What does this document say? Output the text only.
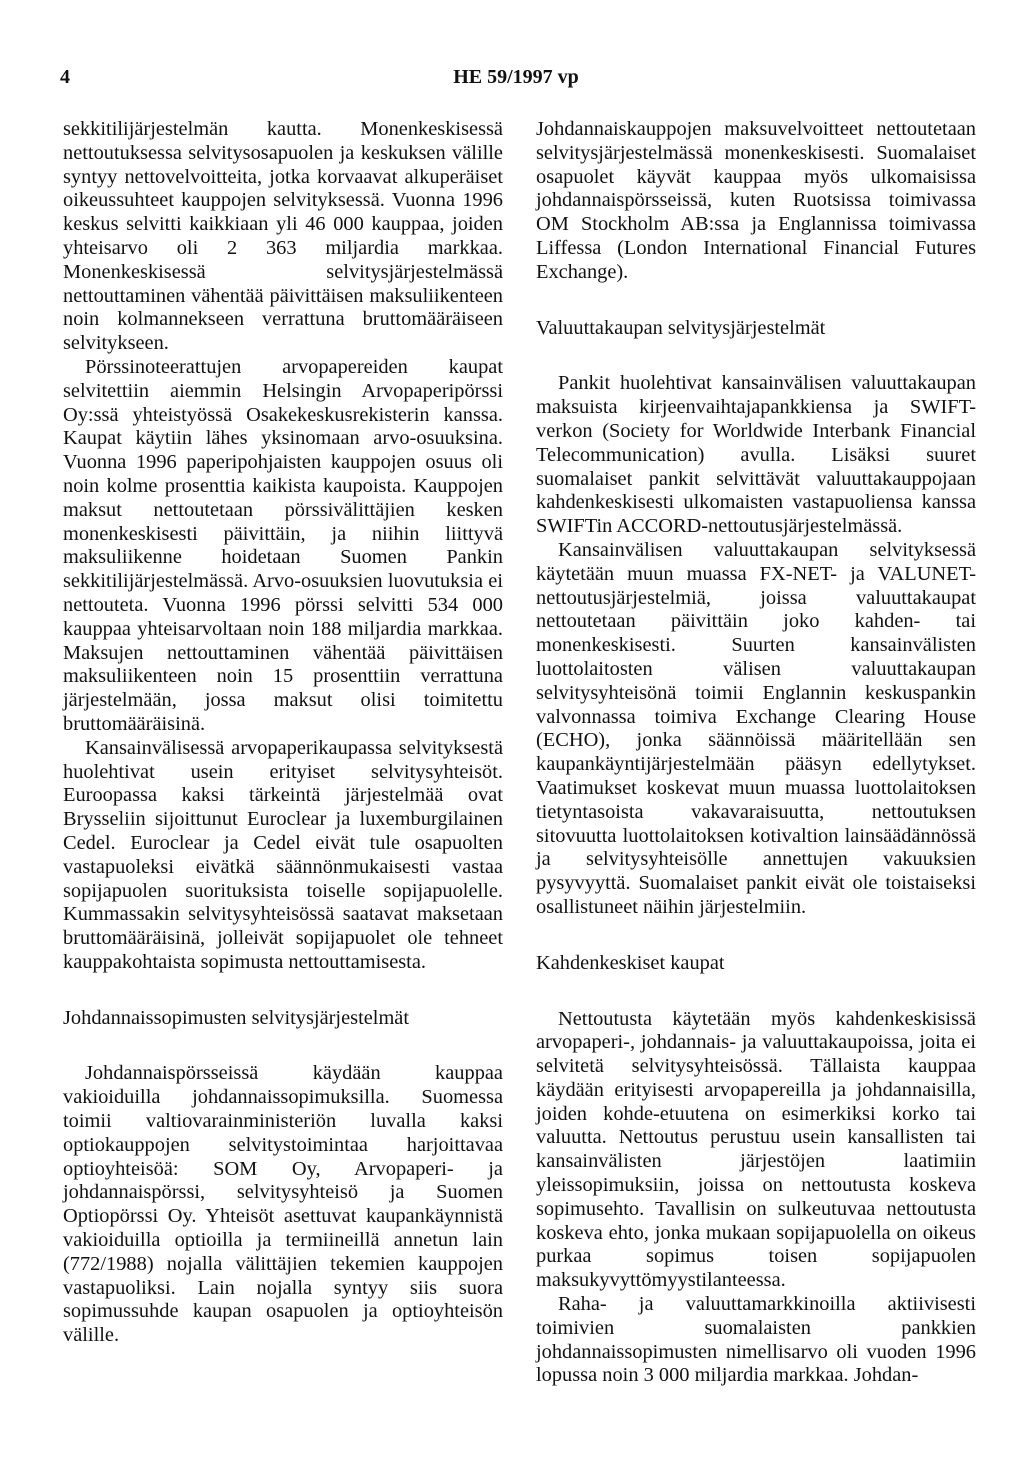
4	HE 59/1997 vp

sekkitilijärjestelmän kautta. Monenkeskisessä nettoutuksessa selvitysosapuolen ja keskuksen välille syntyy nettovelvoitteita, jotka korvaavat alkuperäiset oikeussuhteet kauppojen selvityksessä. Vuonna 1996 keskus selvitti kaikkiaan yli 46 000 kauppaa, joiden yhteisarvo oli 2 363 miljardia markkaa. Monenkeskisessä selvitysjärjestelmässä nettouttaminen vähentää päivittäisen maksuliikenteen noin kolmannekseen verrattuna bruttomääräiseen selvitykseen.

Pörssinoteerattujen arvopapereiden kaupat selvitettiin aiemmin Helsingin Arvopaperipörssi Oy:ssä yhteistyössä Osakekeskusrekisterin kanssa. Kaupat käytiin lähes yksinomaan arvo-osuuksina. Vuonna 1996 paperipohjaisten kauppojen osuus oli noin kolme prosenttia kaikista kaupoista. Kauppojen maksut nettoutetaan pörssivälittäjien kesken monenkeskisesti päivittäin, ja niihin liittyvä maksuliikenne hoidetaan Suomen Pankin sekkitilijärjestelmässä. Arvo-osuuksien luovutuksia ei nettouteta. Vuonna 1996 pörssi selvitti 534 000 kauppaa yhteisarvoltaan noin 188 miljardia markkaa. Maksujen nettouttaminen vähentää päivittäisen maksuliikenteen noin 15 prosenttiin verrattuna järjestelmään, jossa maksut olisi toimitettu bruttomääräisinä.

Kansainvälisessä arvopaperikaupassa selvityksestä huolehtivat usein erityiset selvitysyhteisöt. Euroopassa kaksi tärkeintä järjestelmää ovat Brysseliin sijoittunut Euroclear ja luxemburgilainen Cedel. Euroclear ja Cedel eivät tule osapuolten vastapuoleksi eivätkä säännönmukaisesti vastaa sopijapuolen suorituksista toiselle sopijapuolelle. Kummassakin selvitysyhteisössä saatavat maksetaan bruttomääräisinä, jolleivät sopijapuolet ole tehneet kauppakohtaista sopimusta nettouttamisesta.

Johdannaissopimusten selvitysjärjestelmät

Johdannaispörsseissä käydään kauppaa vakioiduilla johdannaissopimuksilla. Suomessa toimii valtiovarainministeriön luvalla kaksi optiokauppojen selvitystoimintaa harjoittavaa optioyhteisöä: SOM Oy, Arvopaperi- ja johdannaispörssi, selvitysyhteisö ja Suomen Optiopörssi Oy. Yhteisöt asettuvat kaupankäynnistä vakioiduilla optioilla ja termiineillä annetun lain (772/1988) nojalla välittäjien tekemien kauppojen vastapuoliksi. Lain nojalla syntyy siis suora sopimussuhde kaupan osapuolen ja optioyhteisön välille.

Johdannaiskauppojen maksuvelvoitteet nettoutetaan selvitysjärjestelmässä monenkeskisesti. Suomalaiset osapuolet käyvät kauppaa myös ulkomaisissa johdannaispörsseissä, kuten Ruotsissa toimivassa OM Stockholm AB:ssa ja Englannissa toimivassa Liffessa (London International Financial Futures Exchange).

Valuuttakaupan selvitysjärjestelmät

Pankit huolehtivat kansainvälisen valuuttakaupan maksuista kirjeenvaihtajapankkiensa ja SWIFT-verkon (Society for Worldwide Interbank Financial Telecommunication) avulla. Lisäksi suuret suomalaiset pankit selvittävät valuuttakauppojaan kahdenkeskisesti ulkomaisten vastapuoliensa kanssa SWIFTin ACCORD-nettoutusjärjestelmässä.

Kansainvälisen valuuttakaupan selvityksessä käytetään muun muassa FX-NET- ja VALUNET-nettoutusjärjestelmiä, joissa valuuttakaupat nettoutetaan päivittäin joko kahden- tai monenkeskisesti. Suurten kansainvälisten luottolaitosten välisen valuuttakaupan selvitysyhteisönä toimii Englannin keskuspankin valvonnassa toimiva Exchange Clearing House (ECHO), jonka säännöissä määritellään sen kaupankäyntijärjestelmään pääsyn edellytykset. Vaatimukset koskevat muun muassa luottolaitoksen tietyntasoista vakavaraisuutta, nettoutuksen sitovuutta luottolaitoksen kotivaltion lainsäädännössä ja selvitysyhteisölle annettujen vakuuksien pysyvyyttä. Suomalaiset pankit eivät ole toistaiseksi osallistuneet näihin järjestelmiin.

Kahdenkeskiset kaupat

Nettoutusta käytetään myös kahdenkeskisissä arvopaperi-, johdannais- ja valuuttakaupoissa, joita ei selvitetä selvitysyhteisössä. Tällaista kauppaa käydään erityisesti arvopapereilla ja johdannaisilla, joiden kohde-etuutena on esimerkiksi korko tai valuutta. Nettoutus perustuu usein kansallisten tai kansainvälisten järjestöjen laatimiin yleissopimuksiin, joissa on nettoutusta koskeva sopimusehto. Tavallisin on sulkeutuvaa nettoutusta koskeva ehto, jonka mukaan sopijapuolella on oikeus purkaa sopimus toisen sopijapuolen maksukyvyttömyystilanteessa.

Raha- ja valuuttamarkkinoilla aktiivisesti toimivien suomalaisten pankkien johdannaissopimusten nimellisarvo oli vuoden 1996 lopussa noin 3 000 miljardia markkaa. Johdan-
